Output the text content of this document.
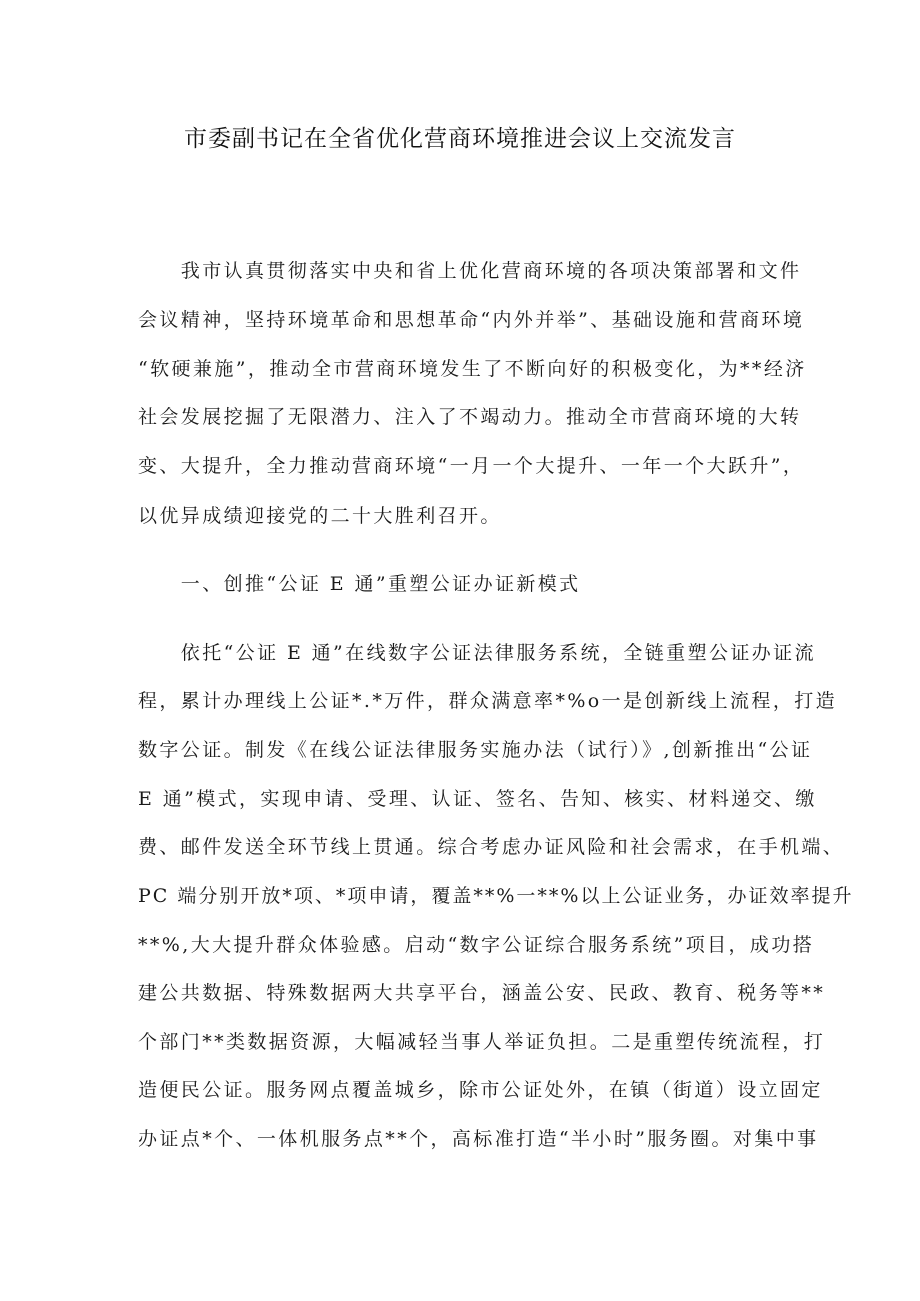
市委副书记在全省优化营商环境推进会议上交流发言
　　我市认真贯彻落实中央和省上优化营商环境的各项决策部署和文件
会议精神，坚持环境革命和思想革命“内外并举”、基础设施和营商环境
“软硬兼施”，推动全市营商环境发生了不断向好的积极变化，为**经济
社会发展挖掘了无限潜力、注入了不竭动力。推动全市营商环境的大转
变、大提升，全力推动营商环境“一月一个大提升、一年一个大跃升”，
以优异成绩迎接党的二十大胜利召开。
　　一、创推“公证 E 通”重塑公证办证新模式
　　依托“公证 E 通”在线数字公证法律服务系统，全链重塑公证办证流
程，累计办理线上公证*.*万件，群众满意率*%o一是创新线上流程，打造
数字公证。制发《在线公证法律服务实施办法（试行）》,创新推出“公证
E 通”模式，实现申请、受理、认证、签名、告知、核实、材料递交、缴
费、邮件发送全环节线上贯通。综合考虑办证风险和社会需求，在手机端、
PC 端分别开放*项、*项申请，覆盖**%一**%以上公证业务，办证效率提升
**%,大大提升群众体验感。启动“数字公证综合服务系统”项目，成功搭
建公共数据、特殊数据两大共享平台，涵盖公安、民政、教育、税务等**
个部门**类数据资源，大幅减轻当事人举证负担。二是重塑传统流程，打
造便民公证。服务网点覆盖城乡，除市公证处外，在镇（街道）设立固定
办证点*个、一体机服务点**个，高标准打造“半小时”服务圈。对集中事
